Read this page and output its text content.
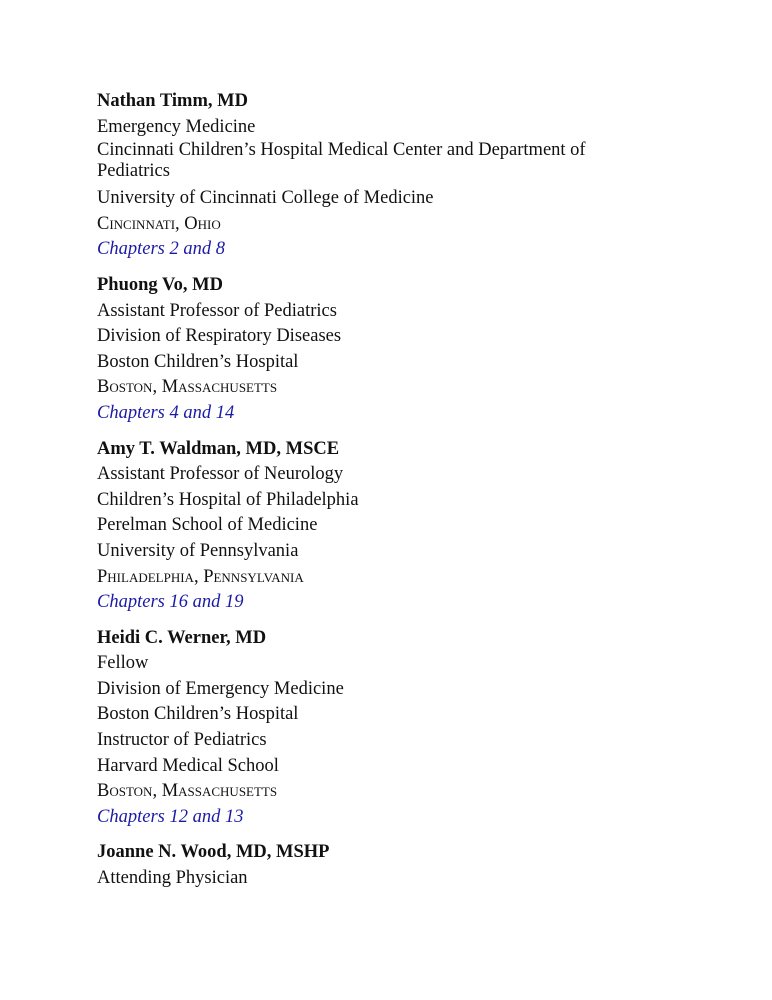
Nathan Timm, MD

Emergency Medicine

Cincinnati Children’s Hospital Medical Center and Department of Pediatrics

University of Cincinnati College of Medicine

Cincinnati, Ohio

Chapters 2 and 8

Phuong Vo, MD

Assistant Professor of Pediatrics

Division of Respiratory Diseases

Boston Children’s Hospital

Boston, Massachusetts

Chapters 4 and 14

Amy T. Waldman, MD, MSCE

Assistant Professor of Neurology

Children’s Hospital of Philadelphia

Perelman School of Medicine

University of Pennsylvania

Philadelphia, Pennsylvania

Chapters 16 and 19

Heidi C. Werner, MD

Fellow

Division of Emergency Medicine

Boston Children’s Hospital

Instructor of Pediatrics

Harvard Medical School

Boston, Massachusetts

Chapters 12 and 13

Joanne N. Wood, MD, MSHP

Attending Physician
